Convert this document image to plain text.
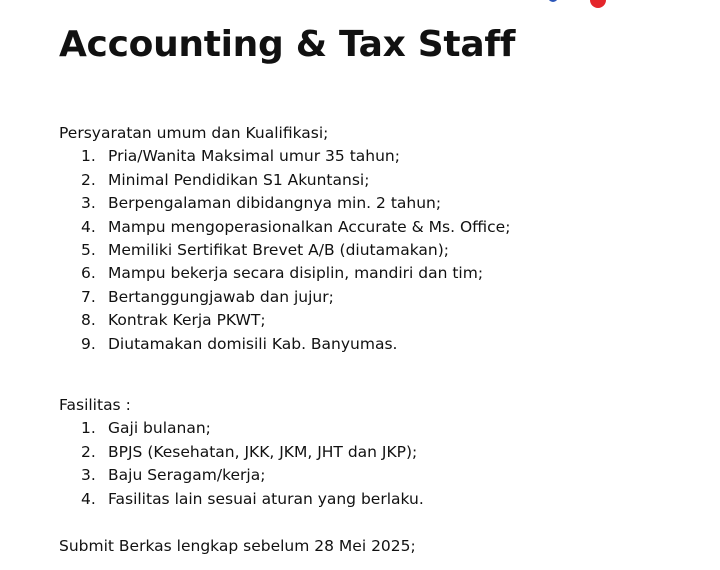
Accounting & Tax Staff
Persyaratan umum dan Kualifikasi;
1. Pria/Wanita Maksimal umur 35 tahun;
2. Minimal Pendidikan S1 Akuntansi;
3. Berpengalaman dibidangnya min. 2 tahun;
4. Mampu mengoperasionalkan Accurate & Ms. Office;
5. Memiliki Sertifikat Brevet A/B (diutamakan);
6. Mampu bekerja secara disiplin, mandiri dan tim;
7. Bertanggungjawab dan jujur;
8. Kontrak Kerja PKWT;
9. Diutamakan domisili Kab. Banyumas.
Fasilitas :
1. Gaji bulanan;
2. BPJS (Kesehatan, JKK, JKM, JHT dan JKP);
3. Baju Seragam/kerja;
4. Fasilitas lain sesuai aturan yang berlaku.
Submit Berkas lengkap sebelum 28 Mei 2025;
